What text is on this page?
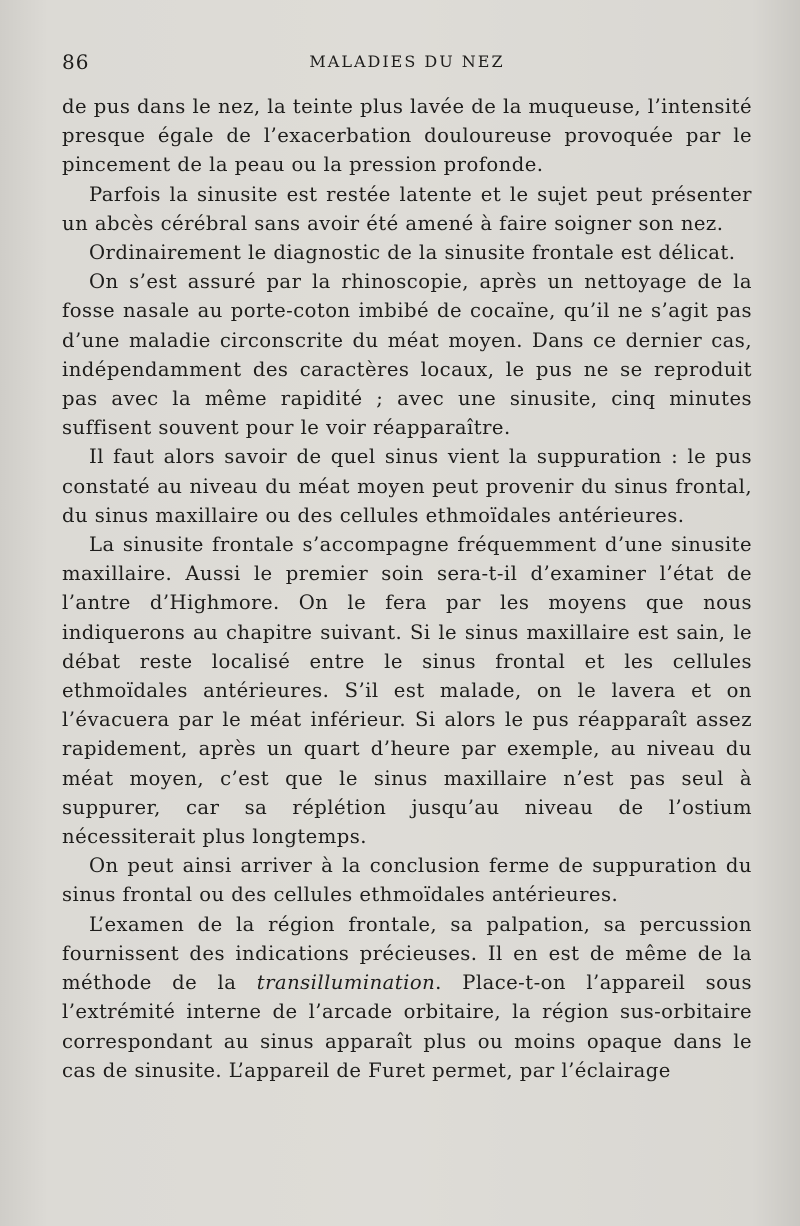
86	MALADIES DU NEZ

de pus dans le nez, la teinte plus lavée de la muqueuse, l’intensité presque égale de l’exacerbation douloureuse provoquée par le pincement de la peau ou la pression profonde.

Parfois la sinusite est restée latente et le sujet peut présenter un abcès cérébral sans avoir été amené à faire soigner son nez.

Ordinairement le diagnostic de la sinusite frontale est délicat.

On s’est assuré par la rhinoscopie, après un nettoyage de la fosse nasale au porte-coton imbibé de cocaïne, qu’il ne s’agit pas d’une maladie circonscrite du méat moyen. Dans ce dernier cas, indépendamment des caractères locaux, le pus ne se reproduit pas avec la même rapidité ; avec une sinusite, cinq minutes suffisent souvent pour le voir réapparaître.

Il faut alors savoir de quel sinus vient la suppuration : le pus constaté au niveau du méat moyen peut provenir du sinus frontal, du sinus maxillaire ou des cellules ethmoïdales antérieures.

La sinusite frontale s’accompagne fréquemment d’une sinusite maxillaire. Aussi le premier soin sera-t-il d’examiner l’état de l’antre d’Highmore. On le fera par les moyens que nous indiquerons au chapitre suivant. Si le sinus maxillaire est sain, le débat reste localisé entre le sinus frontal et les cellules ethmoïdales antérieures. S’il est malade, on le lavera et on l’évacuera par le méat inférieur. Si alors le pus réapparaît assez rapidement, après un quart d’heure par exemple, au niveau du méat moyen, c’est que le sinus maxillaire n’est pas seul à suppurer, car sa réplétion jusqu’au niveau de l’ostium nécessiterait plus longtemps.

On peut ainsi arriver à la conclusion ferme de suppuration du sinus frontal ou des cellules ethmoïdales antérieures.

L’examen de la région frontale, sa palpation, sa percussion fournissent des indications précieuses. Il en est de même de la méthode de la transillumination. Place-t-on l’appareil sous l’extrémité interne de l’arcade orbitaire, la région sus-orbitaire correspondant au sinus apparaît plus ou moins opaque dans le cas de sinusite. L’appareil de Furet permet, par l’éclairage
